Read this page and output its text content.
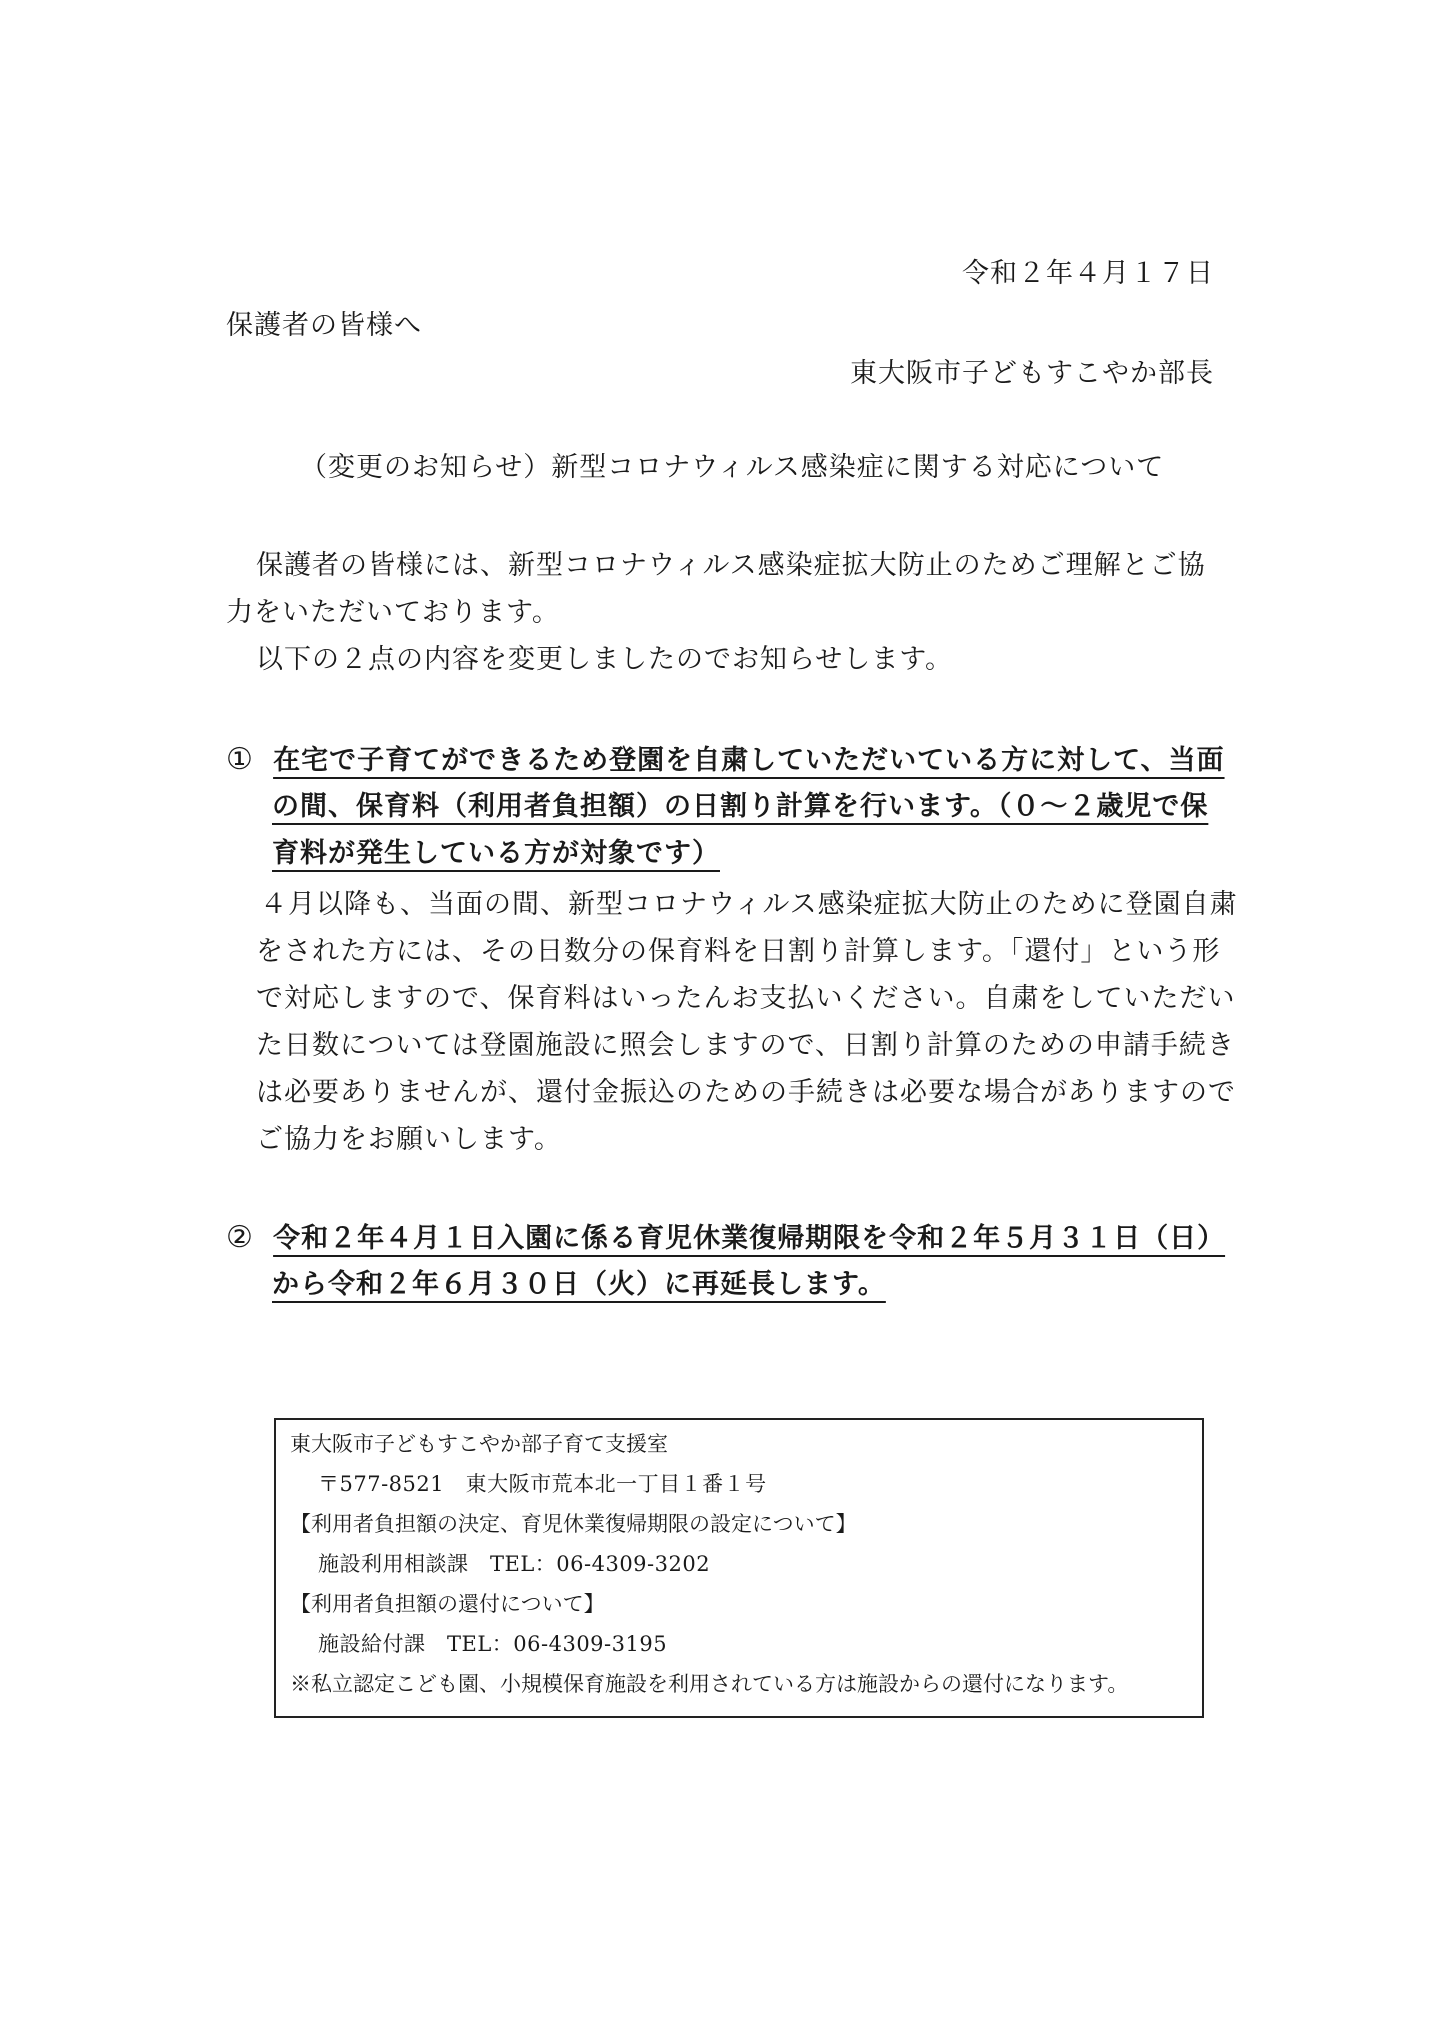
令和２年４月１７日
保護者の皆様へ
東大阪市子どもすこやか部長
（変更のお知らせ）新型コロナウィルス感染症に関する対応について

保護者の皆様には、新型コロナウィルス感染症拡大防止のためご理解とご協

力をいただいております。

以下の２点の内容を変更しましたのでお知らせします。

① 在宅で子育てができるため登園を自粛していただいている方に対して、当面
の間、保育料（利用者負担額）の日割り計算を行います。（０～２歳児で保
育料が発生している方が対象です）
４月以降も、当面の間、新型コロナウィルス感染症拡大防止のために登園自粛
をされた方には、その日数分の保育料を日割り計算します。「還付」という形
で対応しますので、保育料はいったんお支払いください。自粛をしていただい
た日数については登園施設に照会しますので、日割り計算のための申請手続き
は必要ありませんが、還付金振込のための手続きは必要な場合がありますので
ご協力をお願いします。
② 令和２年４月１日入園に係る育児休業復帰期限を令和２年５月３１日（日）
から令和２年６月３０日（火）に再延長します。
東大阪市子どもすこやか部子育て支援室
〒577-8521　東大阪市荒本北一丁目１番１号
【利用者負担額の決定、育児休業復帰期限の設定について】
施設利用相談課　TEL：06-4309-3202
【利用者負担額の還付について】
施設給付課　TEL：06-4309-3195
※私立認定こども園、小規模保育施設を利用されている方は施設からの還付になります。
